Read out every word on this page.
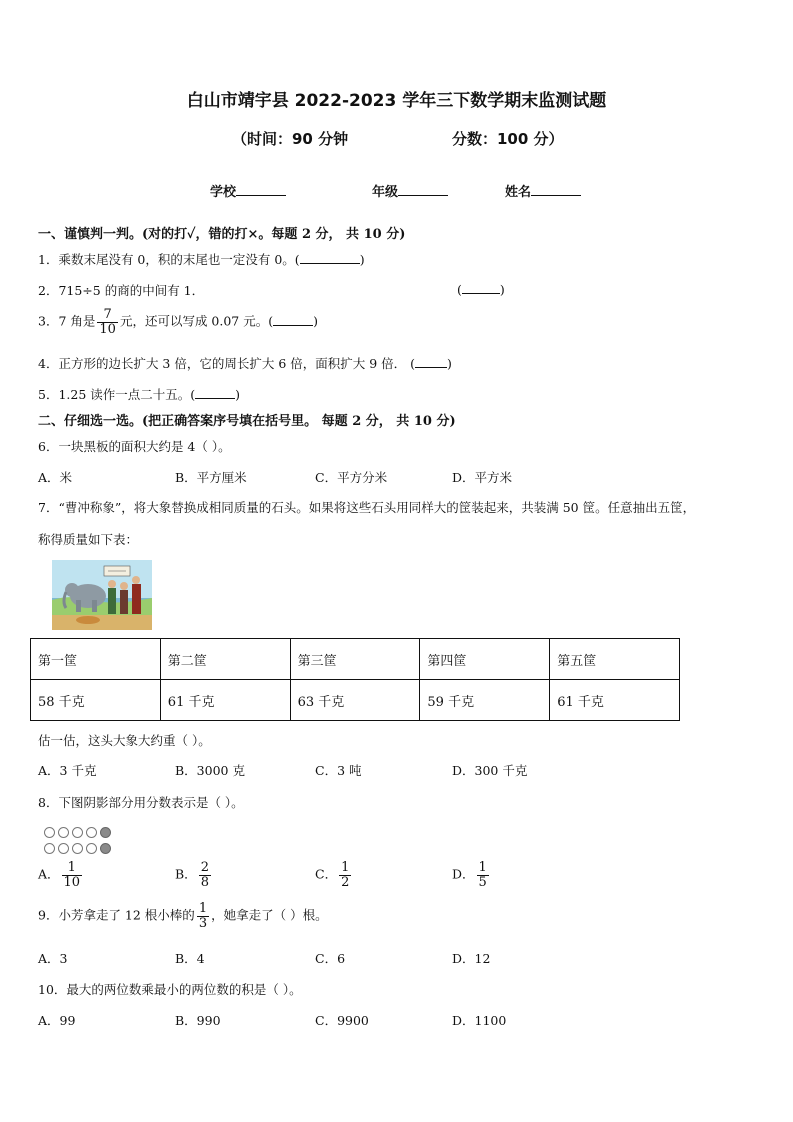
白山市靖宇县 2022-2023 学年三下数学期末监测试题
（时间：90 分钟	分数：100 分）
学校	年级	姓名
一、谨慎判一判。(对的打✓，错的打×。每题 2 分， 共 10 分)
1．乘数末尾没有 0，积的末尾也一定没有 0。(	)
2．715÷5 的商的中间有 1．	(	)
3．7 角是 $\frac{7}{10}$ 元，还可以写成 0.07 元。(	)
4．正方形的边长扩大 3 倍，它的周长扩大 6 倍，面积扩大 9 倍． (	)
5．1.25 读作一点二十五。(	)
二、仔细选一选。(把正确答案序号填在括号里。 每题 2 分， 共 10 分)
6．一块黑板的面积大约是 4（ ）。
A．米	B．平方厘米	C．平方分米	D．平方米
7．“曹冲称象”，将大象替换成相同质量的石头。如果将这些石头用同样大的筐装起来，共装满 50 筐。任意抽出五筐，
称得质量如下表：
第一筐	第二筐	第三筐	第四筐	第五筐
58 千克	61 千克	63 千克	59 千克	61 千克
估一估，这头大象大约重（ ）。
A．3 千克	B．3000 克	C．3 吨	D．300 千克
8．下图阴影部分用分数表示是（ ）。
A． $\frac{1}{10}$	B． $\frac{2}{8}$	C． $\frac{1}{2}$	D． $\frac{1}{5}$
9．小芳拿走了 12 根小棒的 $\frac{1}{3}$ ，她拿走了（ ）根。
A．3	B．4	C．6	D．12
10．最大的两位数乘最小的两位数的积是（ ）。
A．99	B．990	C．9900	D．1100
